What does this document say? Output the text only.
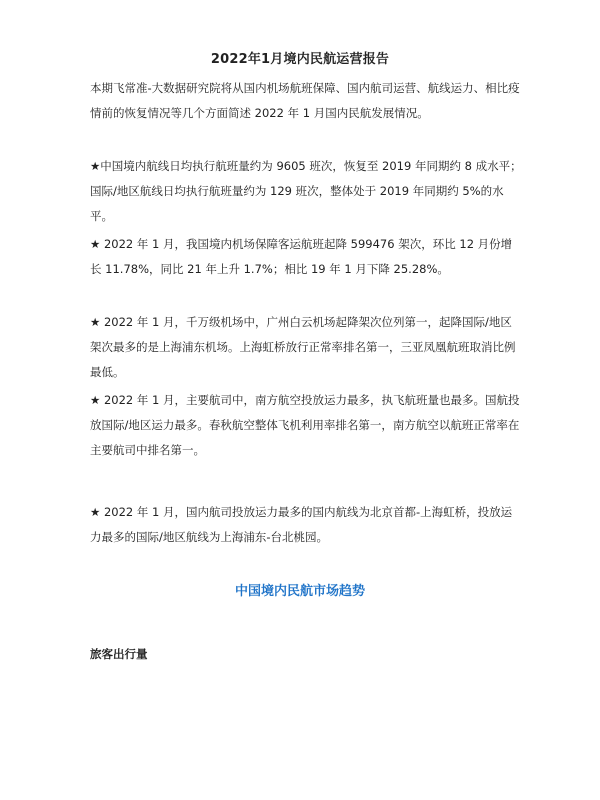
2022年1月境内民航运营报告

本期飞常准-大数据研究院将从国内机场航班保障、国内航司运营、航线运力、相比疫情前的恢复情况等几个方面简述 2022 年 1 月国内民航发展情况。

★中国境内航线日均执行航班量约为 9605 班次，恢复至 2019 年同期约 8 成水平；国际/地区航线日均执行航班量约为 129 班次，整体处于 2019 年同期约 5%的水平。

★ 2022 年 1 月，我国境内机场保障客运航班起降 599476 架次，环比 12 月份增长 11.78%，同比 21 年上升 1.7%；相比 19 年 1 月下降 25.28%。

★ 2022 年 1 月，千万级机场中，广州白云机场起降架次位列第一，起降国际/地区架次最多的是上海浦东机场。上海虹桥放行正常率排名第一，三亚凤凰航班取消比例最低。

★ 2022 年 1 月，主要航司中，南方航空投放运力最多，执飞航班量也最多。国航投放国际/地区运力最多。春秋航空整体飞机利用率排名第一，南方航空以航班正常率在主要航司中排名第一。

★ 2022 年 1 月，国内航司投放运力最多的国内航线为北京首都-上海虹桥，投放运力最多的国际/地区航线为上海浦东-台北桃园。

中国境内民航市场趋势
旅客出行量
